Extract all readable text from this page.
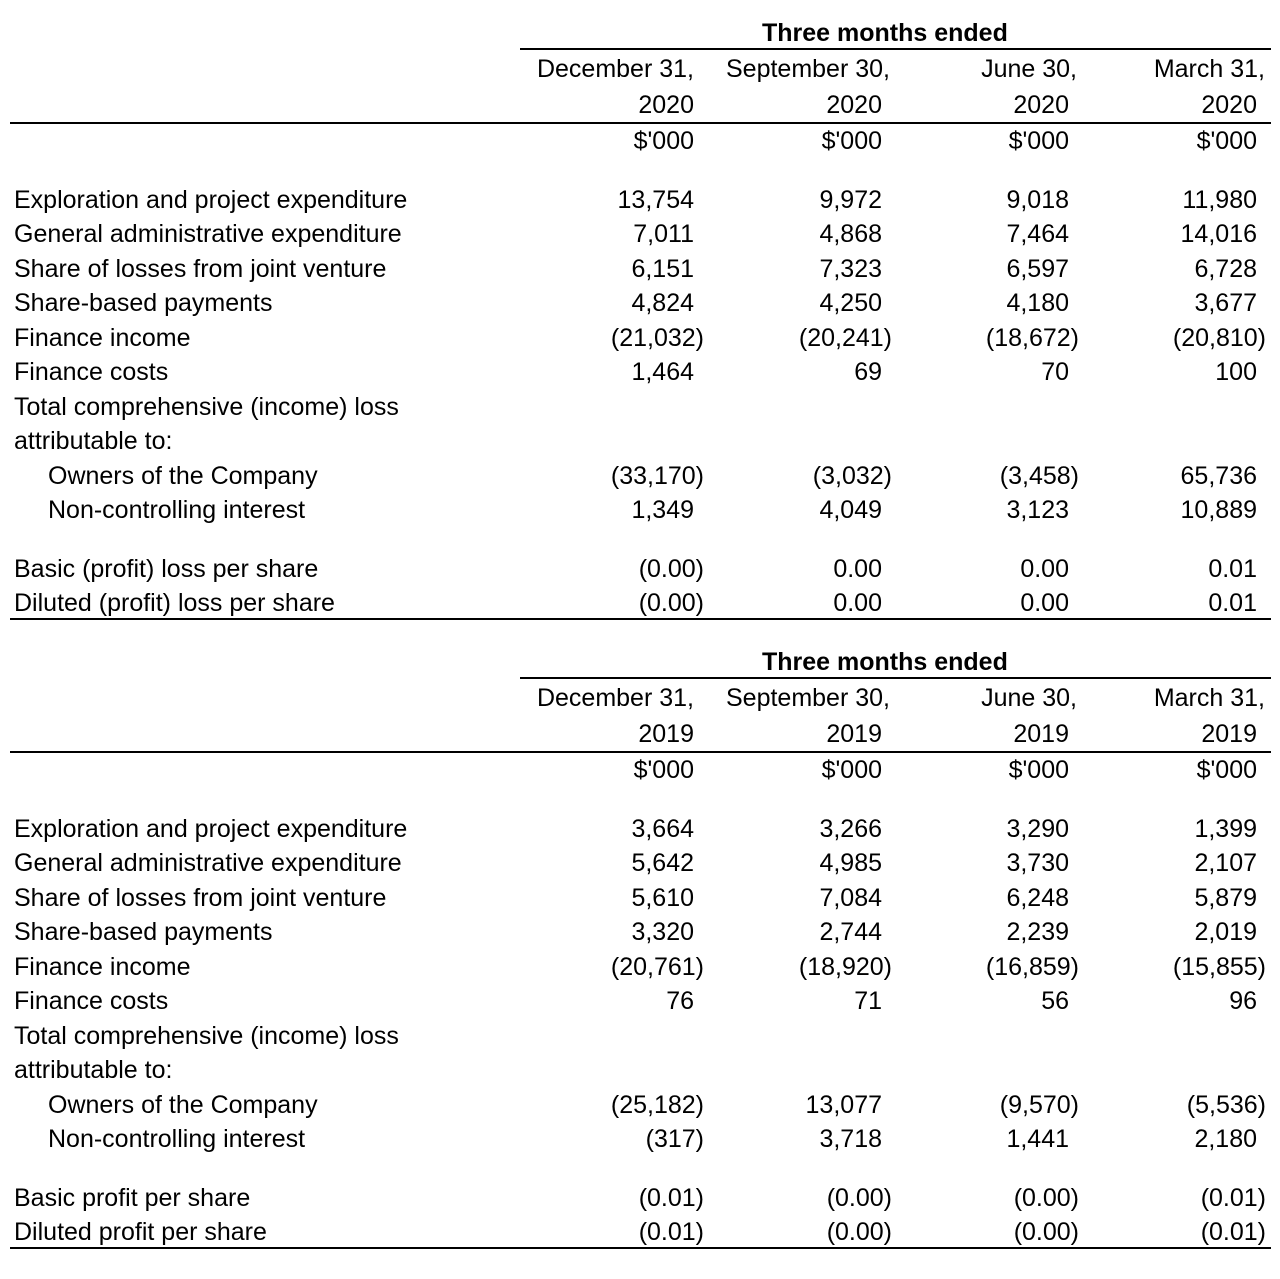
Three months ended
December 31, September 30,	June 30,	March 31,
2020	2020	2020	2020
$'000	$'000	$'000	$'000
Exploration and project expenditure	13,754	9,972	9,018	11,980
General administrative expenditure	7,011	4,868	7,464	14,016
Share of losses from joint venture	6,151	7,323	6,597	6,728
Share-based payments	4,824	4,250	4,180	3,677
Finance income	(21,032)	(20,241)	(18,672)	(20,810)
Finance costs	1,464	69	70	100
Total comprehensive (income) loss
attributable to:
Owners of the Company	(33,170)	(3,032)	(3,458)	65,736
Non-controlling interest	1,349	4,049	3,123	10,889
Basic (profit) loss per share	(0.00)	0.00	0.00	0.01
Diluted (profit) loss per share	(0.00)	0.00	0.00	0.01
Three months ended
December 31, September 30,	June 30,	March 31,
2019	2019	2019	2019
$'000	$'000	$'000	$'000
Exploration and project expenditure	3,664	3,266	3,290	1,399
General administrative expenditure	5,642	4,985	3,730	2,107
Share of losses from joint venture	5,610	7,084	6,248	5,879
Share-based payments	3,320	2,744	2,239	2,019
Finance income	(20,761)	(18,920)	(16,859)	(15,855)
Finance costs	76	71	56	96
Total comprehensive (income) loss
attributable to:
Owners of the Company	(25,182)	13,077	(9,570)	(5,536)
Non-controlling interest	(317)	3,718	1,441	2,180
Basic profit per share	(0.01)	(0.00)	(0.00)	(0.01)
Diluted profit per share	(0.01)	(0.00)	(0.00)	(0.01)
